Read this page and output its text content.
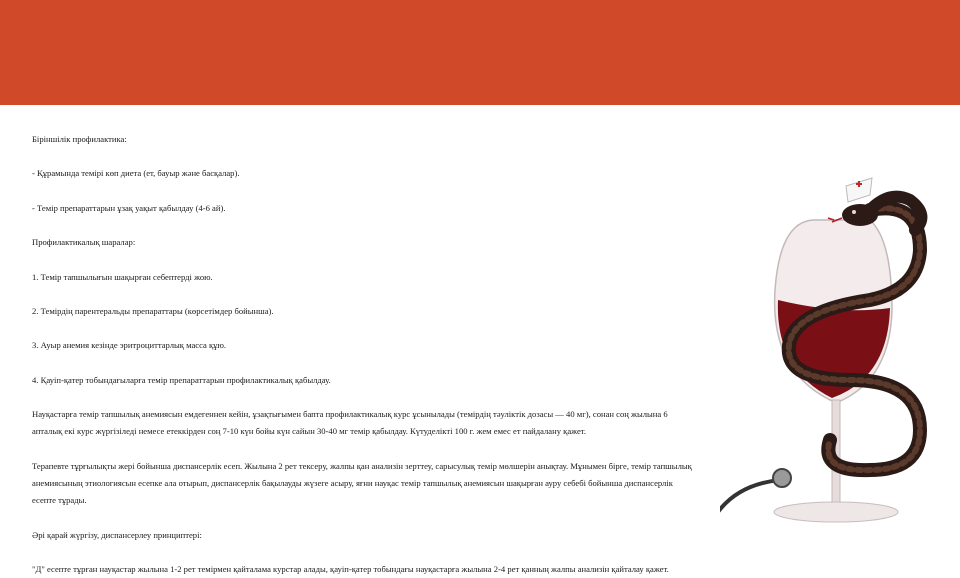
Біріншілік профилактика:

- Құрамында темірі көп диета (ет, бауыр және басқалар).

- Темір препараттарын ұзақ уақыт қабылдау (4-6 ай).

Профилактикалық шаралар:

1. Темір тапшылығын шақырған себептерді жою.

2. Темірдің парентеральды препараттары (көрсетімдер бойынша).

3. Ауыр анемия кезінде эритроциттарлық масса құю.

4. Қауіп-қатер тобындағыларға темір препараттарын профилактикалық қабылдау.

Науқастарға темір тапшылық анемиясын емдегеннен кейін, ұзақтығымен бапта профилактикалық курс ұсынылады (темірдің тәуліктік дозасы — 40 мг), сонан соң жылына 6 апталық екі курс жүргізіледі немесе етеккірден соң 7-10 күн бойы күн сайын 30-40 мг темір қабылдау. Күтуделікті 100 г. жем емес ет пайдалану қажет.

Терапевте тұрғылықты жері бойынша диспансерлік есеп. Жылына 2 рет тексеру, жалпы қан анализін зерттеу, сарысулық темір мөлшерін анықтау. Мұнымен бірге, темір тапшылық анемиясының этиологиясын есепке ала отырып, диспансерлік бақылауды жүзеге асыру, яғни науқас темір тапшылық анемиясын шақырған ауру себебі бойынша диспансерлік есепте тұрады.

Әрі қарай жүргізу, диспансерлеу принциптері:

"Д" есепте тұрған науқастар жылына 1-2 рет темірмен қайталама курстар алады, қауіп-қатер тобындағы науқастарға жылына 2-4 рет қанның жалпы анализін қайталау қажет.
